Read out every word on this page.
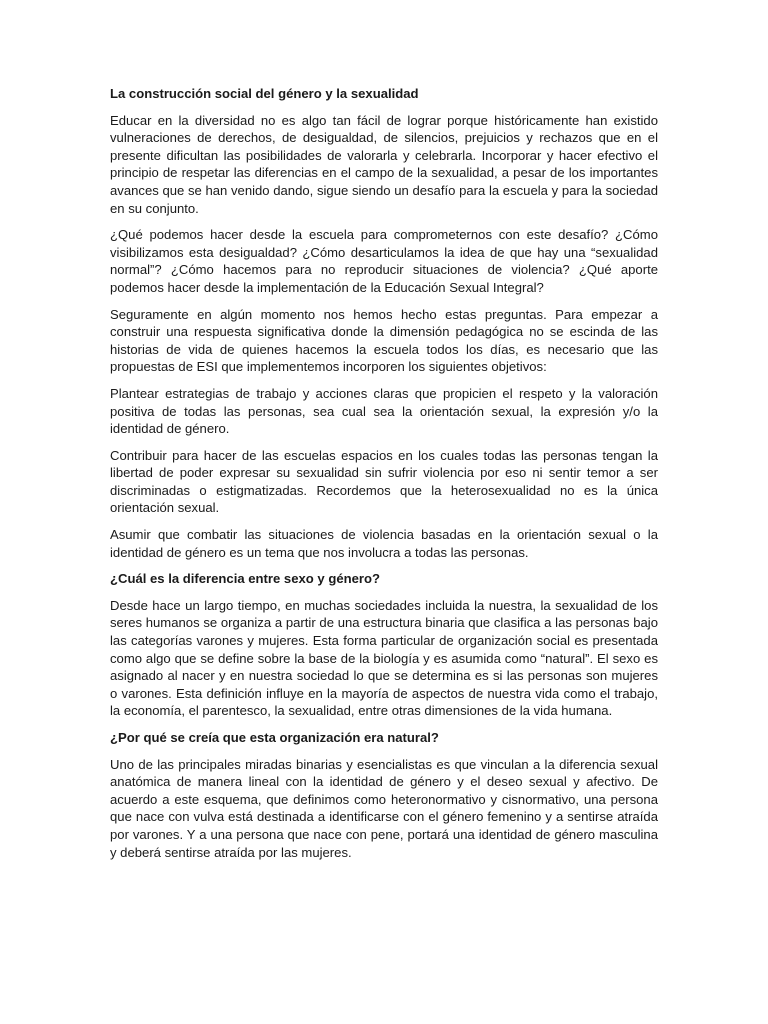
La construcción social del género y la sexualidad

Educar en la diversidad no es algo tan fácil de lograr porque históricamente han existido vulneraciones de derechos, de desigualdad, de silencios, prejuicios y rechazos que en el presente dificultan las posibilidades de valorarla y celebrarla. Incorporar y hacer efectivo el principio de respetar las diferencias en el campo de la sexualidad, a pesar de los importantes avances que se han venido dando, sigue siendo un desafío para la escuela y para la sociedad en su conjunto.

¿Qué podemos hacer desde la escuela para comprometernos con este desafío? ¿Cómo visibilizamos esta desigualdad? ¿Cómo desarticulamos la idea de que hay una “sexualidad normal”? ¿Cómo hacemos para no reproducir situaciones de violencia? ¿Qué aporte podemos hacer desde la implementación de la Educación Sexual Integral?

Seguramente en algún momento nos hemos hecho estas preguntas. Para empezar a construir una respuesta significativa donde la dimensión pedagógica no se escinda de las historias de vida de quienes hacemos la escuela todos los días, es necesario que las propuestas de ESI que implementemos incorporen los siguientes objetivos:

Plantear estrategias de trabajo y acciones claras que propicien el respeto y la valoración positiva de todas las personas, sea cual sea la orientación sexual, la expresión y/o la identidad de género.

Contribuir para hacer de las escuelas espacios en los cuales todas las personas tengan la libertad de poder expresar su sexualidad sin sufrir violencia por eso ni sentir temor a ser discriminadas o estigmatizadas. Recordemos que la heterosexualidad no es la única orientación sexual.

Asumir que combatir las situaciones de violencia basadas en la orientación sexual o la identidad de género es un tema que nos involucra a todas las personas.

¿Cuál es la diferencia entre sexo y género?

Desde hace un largo tiempo, en muchas sociedades incluida la nuestra, la sexualidad de los seres humanos se organiza a partir de una estructura binaria que clasifica a las personas bajo las categorías varones y mujeres. Esta forma particular de organización social es presentada como algo que se define sobre la base de la biología y es asumida como “natural”. El sexo es asignado al nacer y en nuestra sociedad lo que se determina es si las personas son mujeres o varones. Esta definición influye en la mayoría de aspectos de nuestra vida como el trabajo, la economía, el parentesco, la sexualidad, entre otras dimensiones de la vida humana.

¿Por qué se creía que esta organización era natural?

Uno de las principales miradas binarias y esencialistas es que vinculan a la diferencia sexual anatómica de manera lineal con la identidad de género y el deseo sexual y afectivo. De acuerdo a este esquema, que definimos como heteronormativo y cisnormativo, una persona que nace con vulva está destinada a identificarse con el género femenino y a sentirse atraída por varones. Y a una persona que nace con pene, portará una identidad de género masculina y deberá sentirse atraída por las mujeres.
